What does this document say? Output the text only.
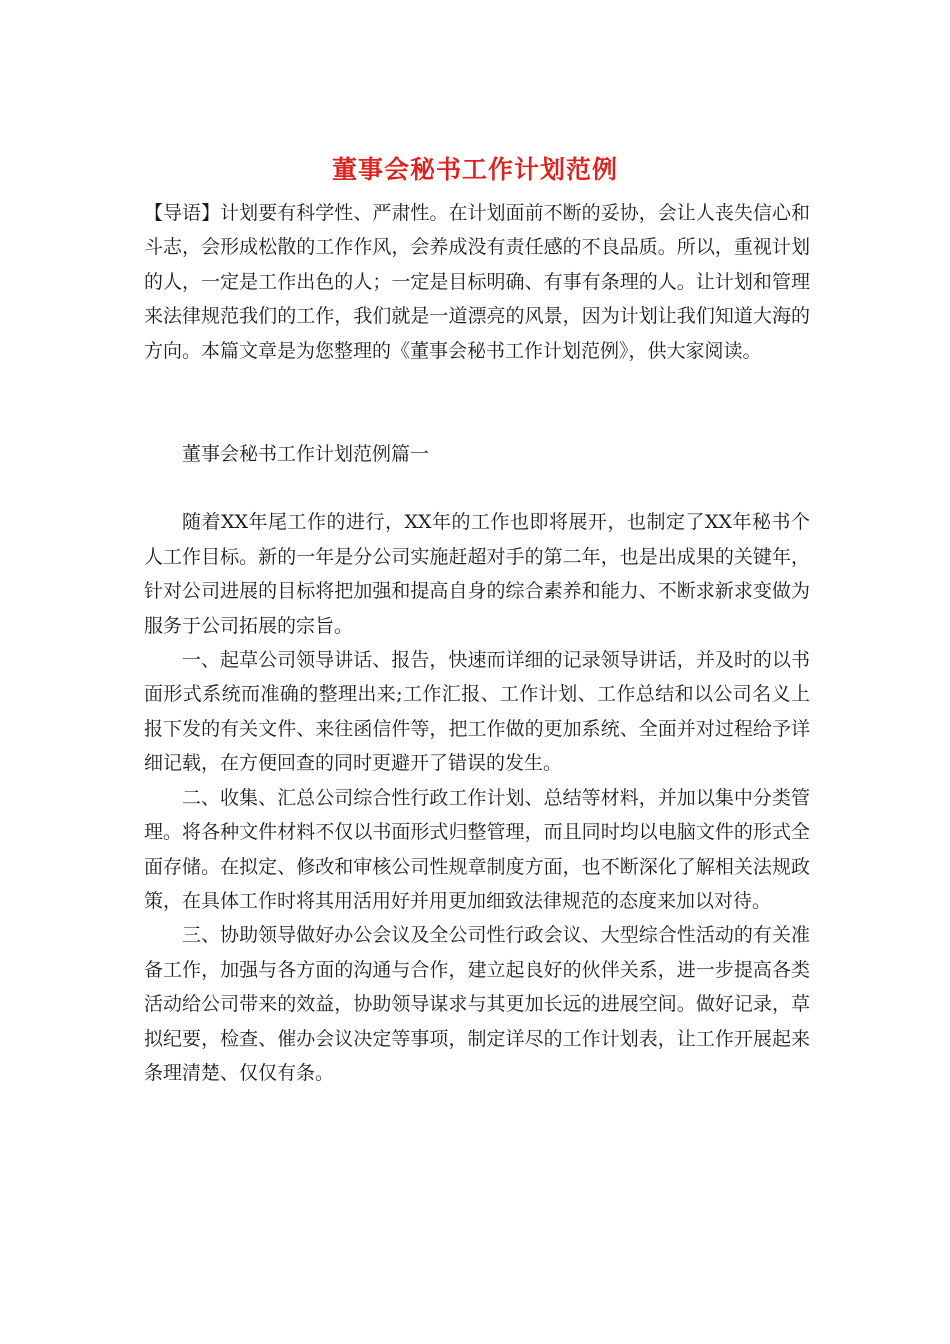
董事会秘书工作计划范例

【导语】计划要有科学性、严肃性。在计划面前不断的妥协，会让人丧失信心和斗志，会形成松散的工作作风，会养成没有责任感的不良品质。所以，重视计划的人，一定是工作出色的人；一定是目标明确、有事有条理的人。让计划和管理来法律规范我们的工作，我们就是一道漂亮的风景，因为计划让我们知道大海的方向。本篇文章是为您整理的《董事会秘书工作计划范例》，供大家阅读。

董事会秘书工作计划范例篇一

随着XX年尾工作的进行，XX年的工作也即将展开，也制定了XX年秘书个人工作目标。新的一年是分公司实施赶超对手的第二年，也是出成果的关键年，针对公司进展的目标将把加强和提高自身的综合素养和能力、不断求新求变做为服务于公司拓展的宗旨。

一、起草公司领导讲话、报告，快速而详细的记录领导讲话，并及时的以书面形式系统而准确的整理出来;工作汇报、工作计划、工作总结和以公司名义上报下发的有关文件、来往函信件等，把工作做的更加系统、全面并对过程给予详细记载，在方便回查的同时更避开了错误的发生。

二、收集、汇总公司综合性行政工作计划、总结等材料，并加以集中分类管理。将各种文件材料不仅以书面形式归整管理，而且同时均以电脑文件的形式全面存储。在拟定、修改和审核公司性规章制度方面，也不断深化了解相关法规政策，在具体工作时将其用活用好并用更加细致法律规范的态度来加以对待。

三、协助领导做好办公会议及全公司性行政会议、大型综合性活动的有关准备工作，加强与各方面的沟通与合作，建立起良好的伙伴关系，进一步提高各类活动给公司带来的效益，协助领导谋求与其更加长远的进展空间。做好记录，草拟纪要，检查、催办会议决定等事项，制定详尽的工作计划表，让工作开展起来条理清楚、仅仅有条。
